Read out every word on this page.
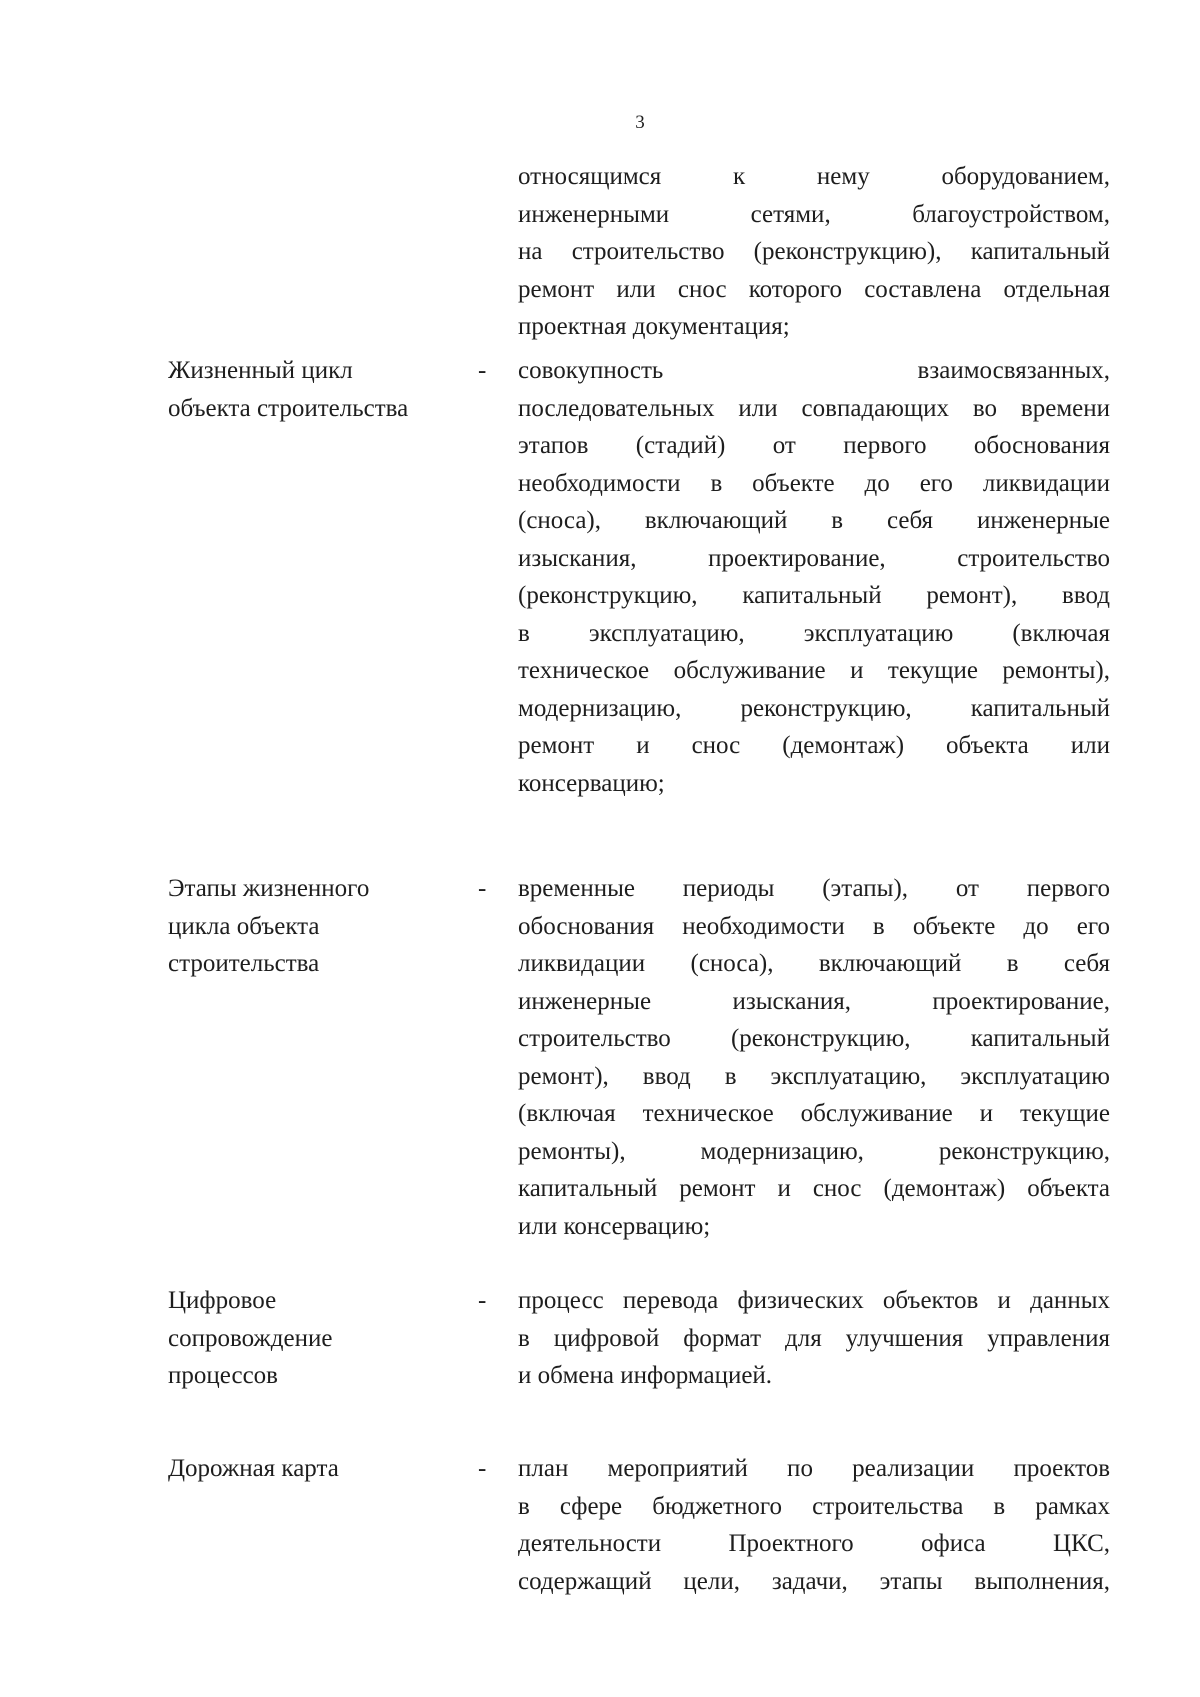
3

относящимся к нему оборудованием,
инженерными сетями, благоустройством,
на строительство (реконструкцию), капитальный
ремонт или снос которого составлена отдельная
проектная документация;

Жизненный цикл
объекта строительства

- совокупность взаимосвязанных,
последовательных или совпадающих во времени
этапов (стадий) от первого обоснования
необходимости в объекте до его ликвидации
(сноса), включающий в себя инженерные
изыскания, проектирование, строительство
(реконструкцию, капитальный ремонт), ввод
в эксплуатацию, эксплуатацию (включая
техническое обслуживание и текущие ремонты),
модернизацию, реконструкцию, капитальный
ремонт и снос (демонтаж) объекта или
консервацию;

Этапы жизненного
цикла объекта
строительства

- временные периоды (этапы), от первого
обоснования необходимости в объекте до его
ликвидации (сноса), включающий в себя
инженерные изыскания, проектирование,
строительство (реконструкцию, капитальный
ремонт), ввод в эксплуатацию, эксплуатацию
(включая техническое обслуживание и текущие
ремонты), модернизацию, реконструкцию,
капитальный ремонт и снос (демонтаж) объекта
или консервацию;

Цифровое
сопровождение
процессов

- процесс перевода физических объектов и данных
в цифровой формат для улучшения управления
и обмена информацией.

Дорожная карта	- план мероприятий по реализации проектов
в сфере бюджетного строительства в рамках
деятельности Проектного офиса ЦКС,
содержащий цели, задачи, этапы выполнения,
